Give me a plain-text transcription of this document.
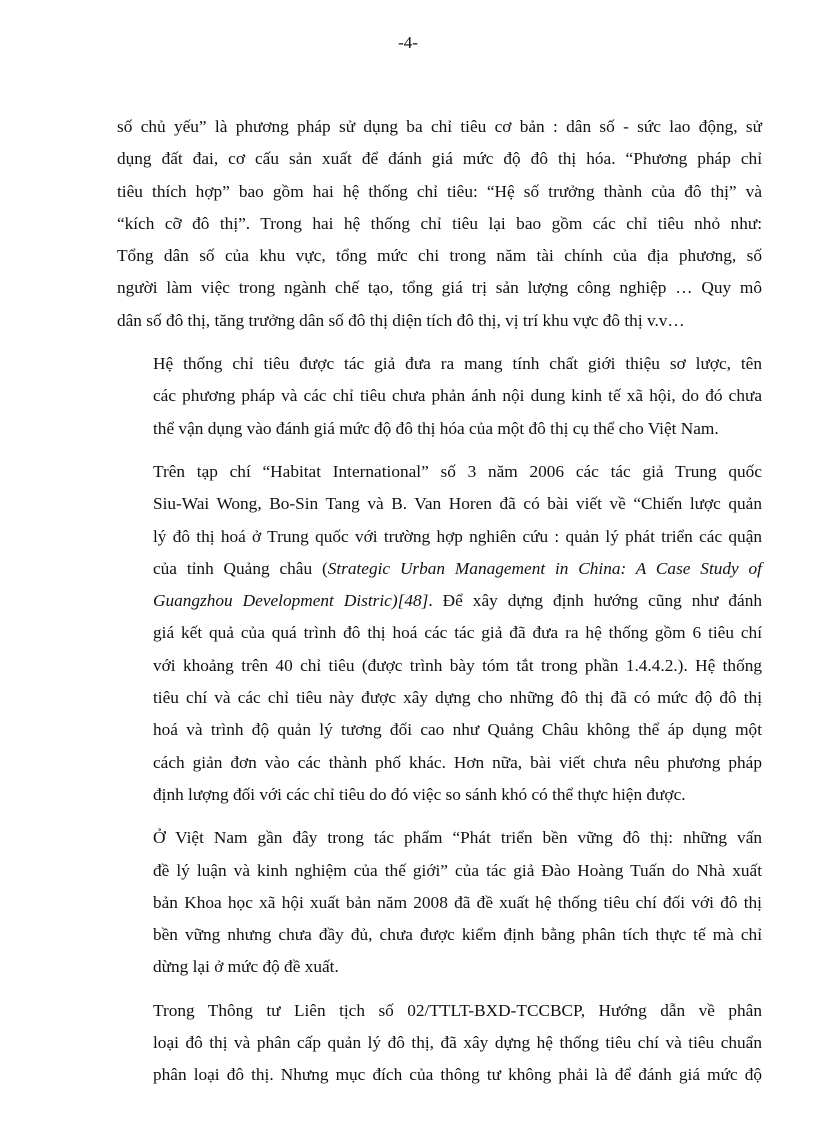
-4-

số chủ yếu” là phương pháp sử dụng ba chỉ tiêu cơ bản : dân số - sức lao động, sử
dụng đất đai, cơ cấu sản xuất để đánh giá mức độ đô thị hóa. “Phương pháp chỉ
tiêu thích hợp” bao gồm hai hệ thống chỉ tiêu: “Hệ số trưởng thành của đô thị” và
“kích cỡ đô thị”. Trong hai hệ thống chỉ tiêu lại bao gồm các chỉ tiêu nhỏ như:
Tổng dân số của khu vực, tổng mức chi trong năm tài chính của địa phương, số
người làm việc trong ngành chế tạo, tổng giá trị sản lượng công nghiệp … Quy mô
dân số đô thị, tăng trưởng dân số đô thị diện tích đô thị, vị trí khu vực đô thị v.v…

Hệ thống chỉ tiêu được tác giả đưa ra mang tính chất giới thiệu sơ lược, tên
các phương pháp và các chỉ tiêu chưa phản ánh nội dung kinh tế xã hội, do đó chưa
thể vận dụng vào đánh giá mức độ đô thị hóa của một đô thị cụ thể cho Việt Nam.

Trên tạp chí “Habitat International” số 3 năm 2006 các tác giả Trung quốc
Siu-Wai Wong, Bo-Sin Tang và B. Van Horen đã có bài viết về “Chiến lược quản
lý đô thị hoá ở Trung quốc với trường hợp nghiên cứu : quản lý phát triển các quận
của tỉnh Quảng châu (Strategic Urban Management in China: A Case Study of
Guangzhou Development Distric)[48]. Để xây dựng định hướng cũng như đánh
giá kết quả của quá trình đô thị hoá các tác giả đã đưa ra hệ thống gồm 6 tiêu chí
với khoảng trên 40 chỉ tiêu (được trình bày tóm tắt trong phần 1.4.4.2.). Hệ thống
tiêu chí và các chỉ tiêu này được xây dựng cho những đô thị đã có mức độ đô thị
hoá và trình độ quản lý tương đối cao như Quảng Châu không thể áp dụng một
cách giản đơn vào các thành phố khác. Hơn nữa, bài viết chưa nêu phương pháp
định lượng đối với các chỉ tiêu do đó việc so sánh khó có thể thực hiện được.

Ở Việt Nam gần đây trong tác phẩm “Phát triển bền vững đô thị: những vấn
đề lý luận và kinh nghiệm của thế giới” của tác giả Đào Hoàng Tuấn do Nhà xuất
bản Khoa học xã hội xuất bản năm 2008 đã đề xuất hệ thống tiêu chí đối với đô thị
bền vững nhưng chưa đầy đủ, chưa được kiểm định bằng phân tích thực tế mà chỉ
dừng lại ở mức độ đề xuất.

Trong Thông tư Liên tịch số 02/TTLT-BXD-TCCBCP, Hướng dẫn về phân
loại đô thị và phân cấp quản lý đô thị, đã xây dựng hệ thống tiêu chí và tiêu chuẩn
phân loại đô thị. Nhưng mục đích của thông tư không phải là để đánh giá mức độ
